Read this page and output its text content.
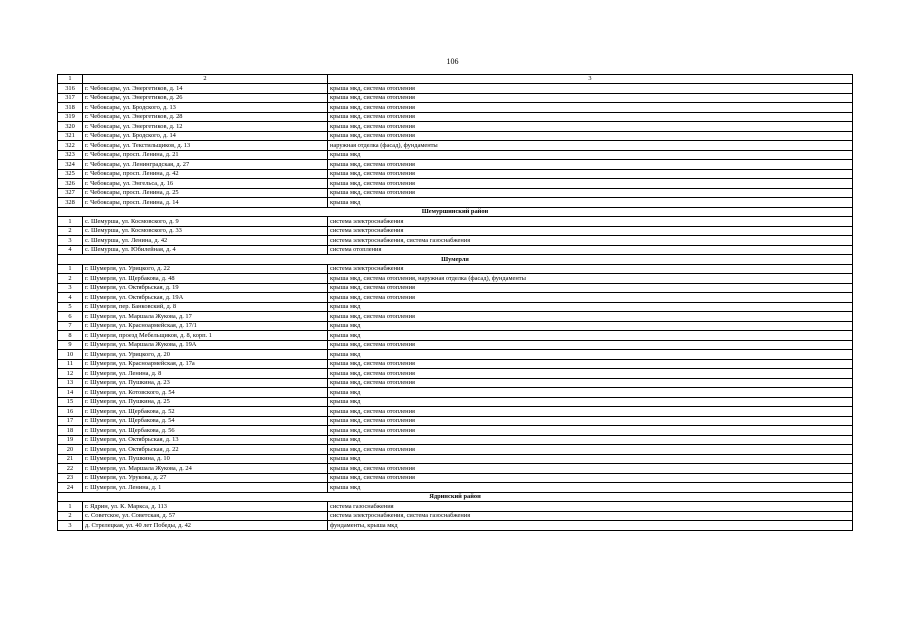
106
1	2	3
316	г. Чебоксары, ул. Энергетиков, д. 14	крыша мкд, система отопления
317	г. Чебоксары, ул. Энергетиков, д. 26	крыша мкд, система отопления
318	г. Чебоксары, ул. Бродского, д. 13	крыша мкд, система отопления
319	г. Чебоксары, ул. Энергетиков, д. 28	крыша мкд, система отопления
320	г. Чебоксары, ул. Энергетиков, д. 12	крыша мкд, система отопления
321	г. Чебоксары, ул. Бродского, д. 14	крыша мкд, система отопления
322	г. Чебоксары, ул. Текстильщиков, д. 13	наружная отделка (фасад), фундаменты
323	г. Чебоксары, просп. Ленина, д. 21	крыша мкд
324	г. Чебоксары, ул. Ленинградская, д. 27	крыша мкд, система отопления
325	г. Чебоксары, просп. Ленина, д. 42	крыша мкд, система отопления
326	г. Чебоксары, ул. Энгельса, д. 16	крыша мкд, система отопления
327	г. Чебоксары, просп. Ленина, д. 25	крыша мкд, система отопления
328	г. Чебоксары, просп. Ленина, д. 14	крыша мкд
Шемуршинский район		
1	с. Шемурша, ул. Космовского, д. 9	система электроснабжения
2	с. Шемурша, ул. Космовского, д. 33	система электроснабжения
3	с. Шемурша, ул. Ленина, д. 42	система электроснабжения, система газоснабжения
4	с. Шемурша, ул. Юбилейная, д. 4	система отопления
Шумерля		
1	г. Шумерля, ул. Урицкого, д. 22	система электроснабжения
2	г. Шумерля, ул. Щербакова, д. 48	крыша мкд, система отопления, наружная отделка (фасад), фундаменты
3	г. Шумерля, ул. Октябрьская, д. 19	крыша мкд, система отопления
4	г. Шумерля, ул. Октябрьская, д. 19А	крыша мкд, система отопления
5	г. Шумерля, пер. Банковский, д. 8	крыша мкд
6	г. Шумерля, ул. Маршала Жукова, д. 17	крыша мкд, система отопления
7	г. Шумерля, ул. Красноармейская, д. 17/1	крыша мкд
8	г. Шумерля, проезд Мебельщиков, д. 8, корп. 1	крыша мкд
9	г. Шумерля, ул. Маршала Жукова, д. 19А	крыша мкд, система отопления
10	г. Шумерля, ул. Урицкого, д. 20	крыша мкд
11	г. Шумерля, ул. Красноармейская, д. 17а	крыша мкд, система отопления
12	г. Шумерля, ул. Ленина, д. 8	крыша мкд, система отопления
13	г. Шумерля, ул. Пушкина, д. 23	крыша мкд, система отопления
14	г. Шумерля, ул. Котовского, д. 54	крыша мкд
15	г. Шумерля, ул. Пушкина, д. 25	крыша мкд
16	г. Шумерля, ул. Щербакова, д. 52	крыша мкд, система отопления
17	г. Шумерля, ул. Щербакова, д. 54	крыша мкд, система отопления
18	г. Шумерля, ул. Щербакова, д. 56	крыша мкд, система отопления
19	г. Шумерля, ул. Октябрьская, д. 13	крыша мкд
20	г. Шумерля, ул. Октябрьская, д. 22	крыша мкд, система отопления
21	г. Шумерля, ул. Пушкина, д. 10	крыша мкд
22	г. Шумерля, ул. Маршала Жукова, д. 24	крыша мкд, система отопления
23	г. Шумерля, ул. Урукова, д. 27	крыша мкд, система отопления
24	г. Шумерля, ул. Ленина, д. 1	крыша мкд
Ядринский район		
1	г. Ядрин, ул. К. Маркса, д. 113	система газоснабжения
2	с. Советское, ул. Советская, д. 57	система электроснабжения, система газоснабжения
3	д. Стрелецкая, ул. 40 лет Победы, д. 42	фундаменты, крыша мкд
